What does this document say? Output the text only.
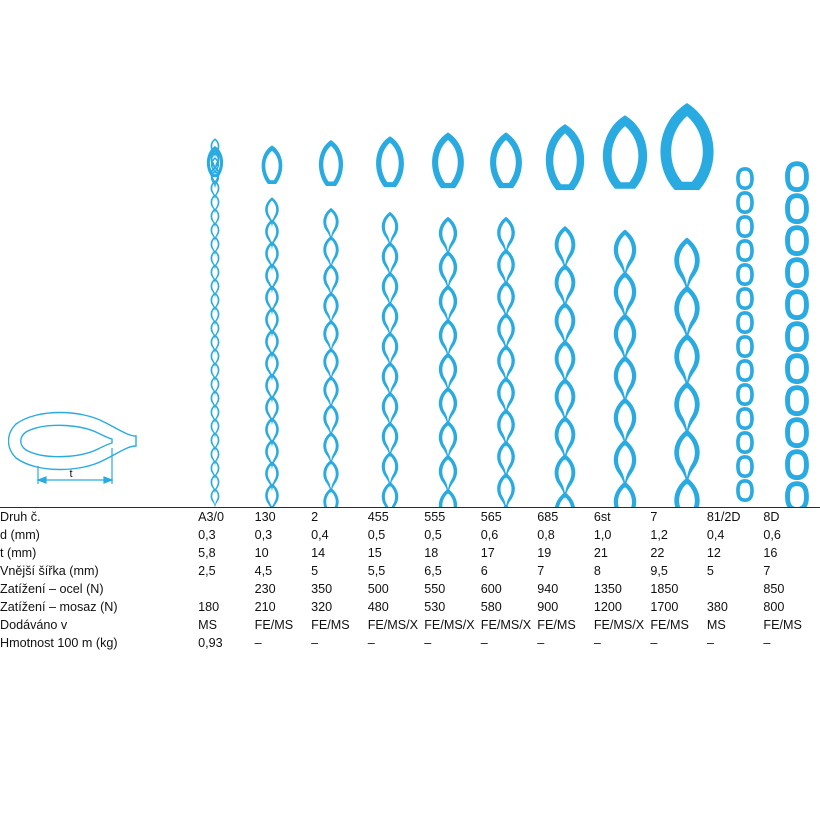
t
Druh č.	A3/0	130	2	455	555	565	685	6st	7	81/2D	8D
d (mm)	0,3	0,3	0,4	0,5	0,5	0,6	0,8	1,0	1,2	0,4	0,6
t (mm)	5,8	10	14	15	18	17	19	21	22	12	16
Vnější šířka (mm)	2,5	4,5	5	5,5	6,5	6	7	8	9,5	5	7
Zatížení – ocel (N)		230	350	500	550	600	940	1350	1850		850
Zatížení – mosaz (N)	180	210	320	480	530	580	900	1200	1700	380	800
Dodáváno v	MS	FE/MS	FE/MS	FE/MS/X	FE/MS/X	FE/MS/X	FE/MS	FE/MS/X	FE/MS	MS	FE/MS
Hmotnost 100 m (kg)	0,93	–	–	–	–	–	–	–	–	–	–
